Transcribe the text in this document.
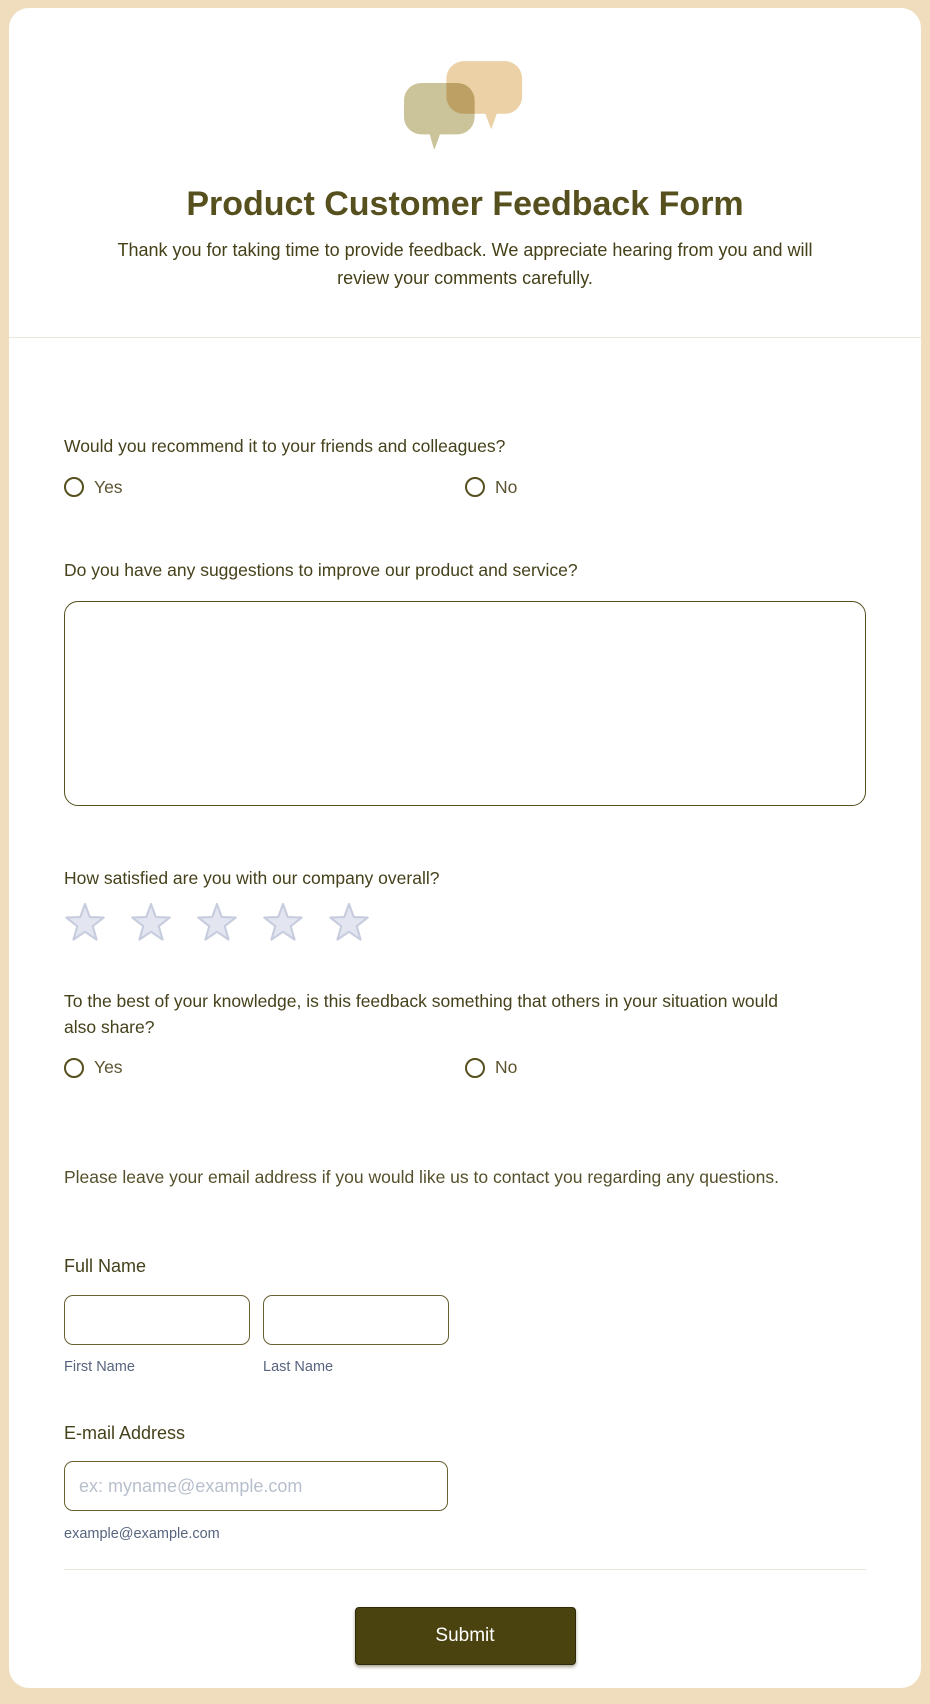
Product Customer Feedback Form
Thank you for taking time to provide feedback. We appreciate hearing from you and will review your comments carefully.
Would you recommend it to your friends and colleagues?
Yes	No
Do you have any suggestions to improve our product and service?
How satisfied are you with our company overall?
To the best of your knowledge, is this feedback something that others in your situation would also share?
Yes	No
Please leave your email address if you would like us to contact you regarding any questions.
Full Name
First Name	Last Name
E-mail Address
ex: myname@example.com
example@example.com
Submit
